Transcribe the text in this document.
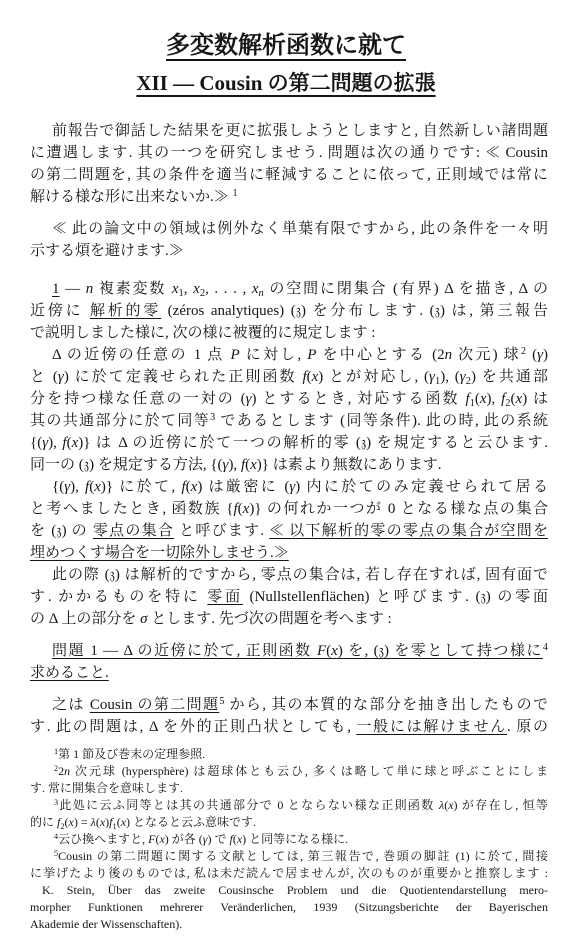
多変数解析函数に就て
XII — Cousin の第二問題の拡張
前報告で御話した結果を更に拡張しようとしますと, 自然新しい諸問題
に遭遇します. 其の一つを研究しませう. 問題は次の通りです: ≪ Cousin
の第二問題を, 其の条件を適当に軽減することに依って, 正則域では常に
解ける様な形に出来ないか.≫ $^1$
≪ 此の論文中の領域は例外なく単葉有限ですから, 此の条件を一々明
示する煩を避けます.≫
1 — n 複素変数 $x_1$, $x_2$, . . . , $x_n$ の空間に閉集合 (有界) Δ を描き, Δ の
近傍に 解析的零 (zéros analytiques) (𝔷) を分布します. (𝔷) は, 第三報告
で説明しました様に, 次の様に被覆的に規定します :
Δ の近傍の任意の 1 点 P に対し, P を中心とする (2n 次元) 球$^2$ (γ)
と (γ) に於て定義せられた正則函数 f(x) とが対応し, $(\gamma_1)$, $(\gamma_2)$ を共通部
分を持つ様な任意の一対の (γ) とするとき, 対応する函数 $f_1(x)$, $f_2(x)$ は
其の共通部分に於て同等$^3$ であるとします (同等条件). 此の時, 此の系統
{(γ), f(x)} は Δ の近傍に於て一つの解析的零 (𝔷) を規定すると云ひます.
同一の (𝔷) を規定する方法, {(γ), f(x)} は素より無数にあります.
{(γ), f(x)} に於て, f(x) は厳密に (γ) 内に於てのみ定義せられて居る
と考へましたとき, 函数族 {f(x)} の何れか一つが 0 となる様な点の集合
を (𝔷) の 零点の集合 と呼びます. ≪ 以下解析的零の零点の集合が空間を
埋めつくす場合を一切除外しませう.≫
此の際 (𝔷) は解析的ですから, 零点の集合は, 若し存在すれば, 固有面で
す. かかるものを特に 零面 (Nullstellenflächen) と呼びます. (𝔷) の零面
の Δ 上の部分を σ とします. 先づ次の問題を考へます :
問題 1 — Δ の近傍に於て, 正則函数 F(x) を, (𝔷) を零として持つ様に$^4$
求めること.
之は Cousin の第二問題$^5$ から, 其の本質的な部分を抽き出したもので
す. 此の問題は, Δ を外的正則凸状としても, 一般には解けません. 原の
$^1$第 1 節及び巻末の定理参照.
$^2$2n 次元球 (hypersphère) は超球体とも云ひ, 多くは略して単に球と呼ぶことにしま
す. 常に開集合を意味します.
$^3$此処に云ふ同等とは其の共通部分で 0 とならない様な正則函数 λ(x) が存在し, 恒等
的に $f_2(x) = \lambda(x)f_1(x)$ となると云ふ意味です.
$^4$云ひ換へますと, F(x) が各 (γ) で f(x) と同等になる様に.
$^5$Cousin の第二問題に関する文献としては, 第三報告で, 巻頭の脚註 (1) に於て, 間接
に挙げたより後のものでは, 私は未だ読んで居ませんが, 次のものが重要かと推察します :
K. Stein, Über das zweite Cousinsche Problem und die Quotientendarstellung mero-
morpher Funktionen mehrerer Veränderlichen, 1939 (Sitzungsberichte der Bayerischen
Akademie der Wissenschaften).
